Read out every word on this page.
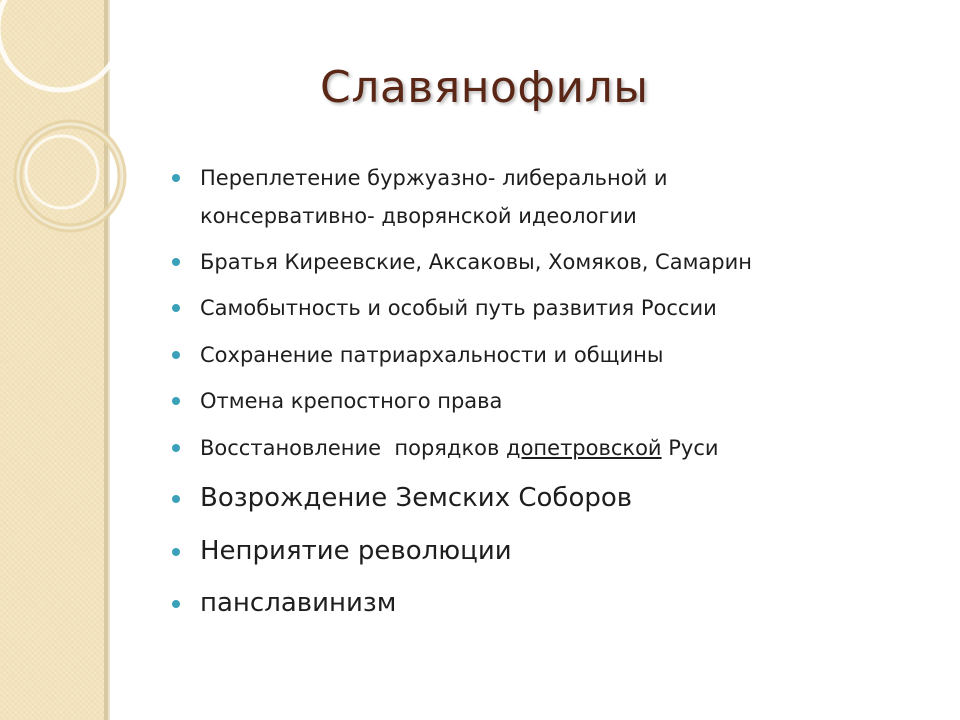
Славянофилы
Переплетение буржуазно- либеральной и
консервативно- дворянской идеологии
Братья Киреевские, Аксаковы, Хомяков, Самарин
Самобытность и особый путь развития России
Сохранение патриархальности и общины
Отмена крепостного права
Восстановление  порядков допетровской Руси
Возрождение Земских Соборов
Неприятие революции
панславинизм
